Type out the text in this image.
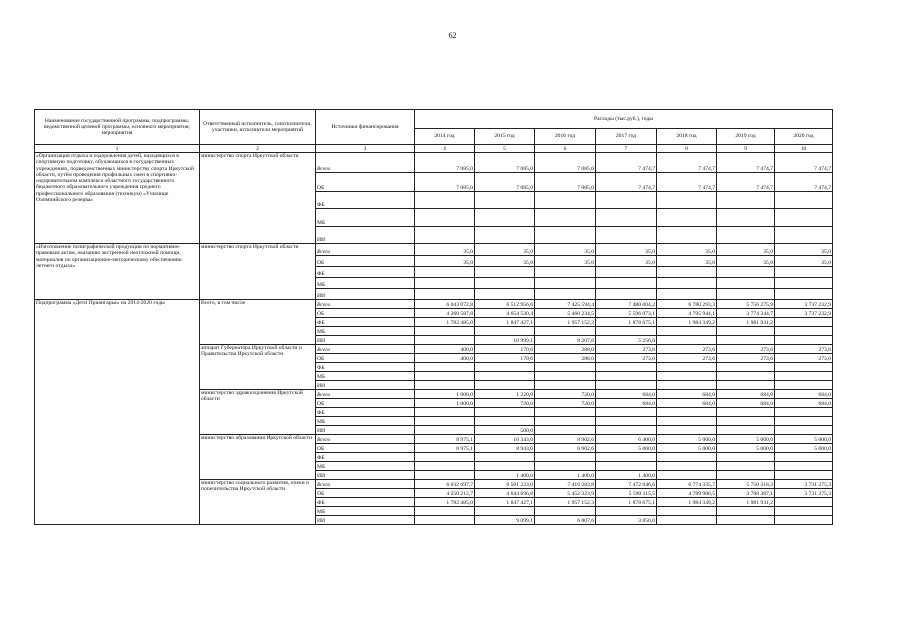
62
Наименование государственной программы, подпрограммы, ведомственной целевой программы, основного мероприятия, мероприятия	Ответственный исполнитель, соисполнители, участники, исполнители мероприятий	Источники финансирования	Расходы (тыс.руб.), годы						
			2014 год	2015 год	2016 год	2017 год	2018 год	2019 год	2020 год
1	2	3	4	5	6	7	8	9	10
«Организация отдыха и оздоровления детей, находящихся в спортивную подготовку, обучающихся в государственных учреждениях, подведомственных министерству спорта Иркутской области, путём проведения профильных смен в спортивно-оздоровительном комплексе областного государственного бюджетного образовательного учреждения среднего профессионального образования (техникум) «Училище Олимпийского резерва»	министерство спорта Иркутской области	Всего	7 085,0	7 085,0	7 085,0	7 474,7	7 474,7	7 474,7	7 474,7
		ОБ	7 085,0	7 085,0	7 085,0	7 474,7	7 474,7	7 474,7	7 474,7
		ФБ							
		МБ							
		ИИ							
«Изготовление полиграфической продукции по нормативно-правовым актам, оказанию экстренной неотложной помощи, материалов по организационно-методическому обеспечению летнего отдыха»	министерство спорта Иркутской области	Всего	35,0	35,0	35,0	35,0	35,0	35,0	35,0
		ОБ	35,0	35,0	35,0	35,0	35,0	35,0	35,0
		ФБ							
		МБ							
		ИИ							
Подпрограмма «Дети Приангарья» на 2014-2020 годы	Всего, в том числе	Всего	6 043 072,8	6 512 956,6	7 425 594,4	7 480 004,2	6 780 293,3	5 756 275,9	3 737 232,9
		ОБ	4 260 587,8	4 654 530,4	5 460 234,5	5 596 073,1	4 795 944,1	3 774 344,7	3 737 232,9
		ФБ	1 782 485,0	1 847 427,1	1 957 152,3	1 878 675,1	1 984 349,2	1 981 931,2	
		МБ							
		ИИ		10 999,1	8 207,6	5 256,0			
	аппарат Губернатора Иркутской области и Правительства Иркутской области	Всего	400,0	170,6	288,0	273,6	273,6	273,6	273,6
		ОБ	400,0	170,6	288,0	273,6	273,6	273,6	273,6
		ФБ							
		МБ							
		ИИ							
	министерство здравоохранения Иркутской области	Всего	1 000,0	1 220,0	720,0	684,0	684,0	684,0	684,0
		ОБ	1 000,0	720,0	720,0	684,0	684,0	684,0	684,0
		ФБ							
		МБ							
		ИИ		500,0					
	министерство образования Иркутской области	Всего	8 975,1	10 343,0	8 902,6	6 400,0	5 000,0	5 000,0	5 000,0
		ОБ	8 975,1	8 943,0	6 902,6	5 000,0	5 000,0	5 000,0	5 000,0
		ФБ							
		МБ							
		ИИ		1 400,0	1 400,0	1 400,0			
	министерство социального развития, опеки и попечительства Иркутской области	Всего	6 032 697,7	6 501 223,0	7 416 283,8	7 472 646,6	6 774 335,7	5 750 318,3	3 731 275,3
		ОБ	4 250 212,7	4 644 696,8	5 452 323,9	5 590 115,5	4 789 986,5	3 768 387,1	3 731 275,3
		ФБ	1 782 485,0	1 847 427,1	1 957 152,3	1 878 675,1	1 984 349,2	1 981 931,2	
		МБ							
		ИИ		9 099,1	6 807,6	3 856,0			
